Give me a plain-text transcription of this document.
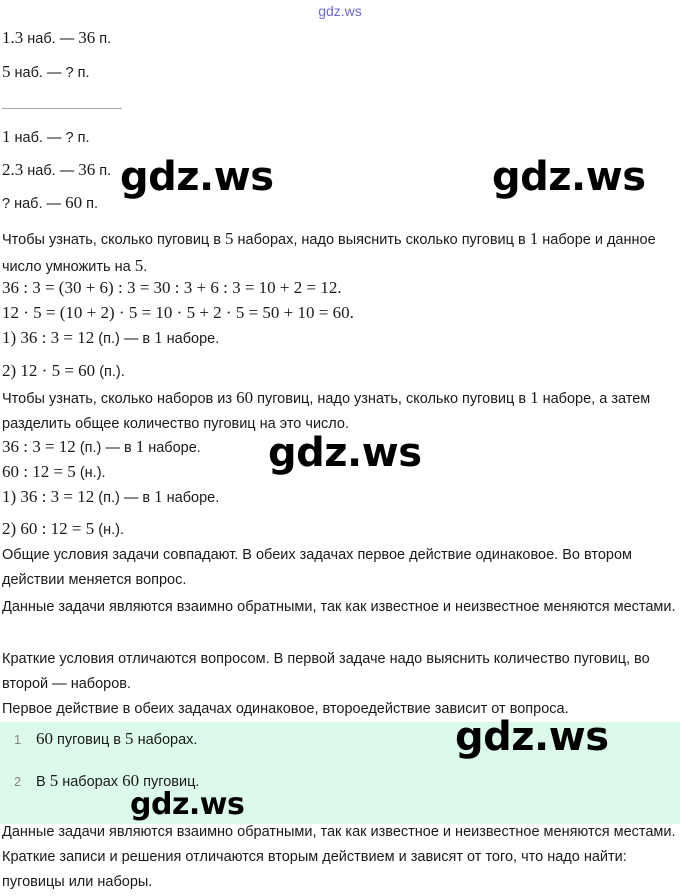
gdz.ws
1.3 наб. — 36 п.
5 наб. — ? п.
1 наб. — ? п.
2.3 наб. — 36 п.
? наб. — 60 п.
Чтобы узнать, сколько пуговиц в 5 наборах, надо выяснить сколько пуговиц в 1 наборе и данное число умножить на 5.
36 : 3 = (30 + 6) : 3 = 30 : 3 + 6 : 3 = 10 + 2 = 12.
12 · 5 = (10 + 2) · 5 = 10 · 5 + 2 · 5 = 50 + 10 = 60.
1) 36 : 3 = 12 (п.) — в 1 наборе.
2) 12 · 5 = 60 (п.).
Чтобы узнать, сколько наборов из 60 пуговиц, надо узнать, сколько пуговиц в 1 наборе, а затем разделить общее количество пуговиц на это число.
36 : 3 = 12 (п.) — в 1 наборе.
60 : 12 = 5 (н.).
1) 36 : 3 = 12 (п.) — в 1 наборе.
2) 60 : 12 = 5 (н.).
Общие условия задачи совпадают. В обеих задачах первое действие одинаковое. Во втором действии меняется вопрос.
Данные задачи являются взаимно обратными, так как известное и неизвестное меняются местами.
Краткие условия отличаются вопросом. В первой задаче надо выяснить количество пуговиц, во второй — наборов.
Первое действие в обеих задачах одинаковое, второедействие зависит от вопроса.
1 60 пуговиц в 5 наборах.
2 В 5 наборах 60 пуговиц.
Данные задачи являются взаимно обратными, так как известное и неизвестное меняются местами. Краткие записи и решения отличаются вторым действием и зависят от того, что надо найти: пуговицы или наборы.
gdz.ws	gdz.ws
gdz.ws
gdz.ws
gdz.ws
